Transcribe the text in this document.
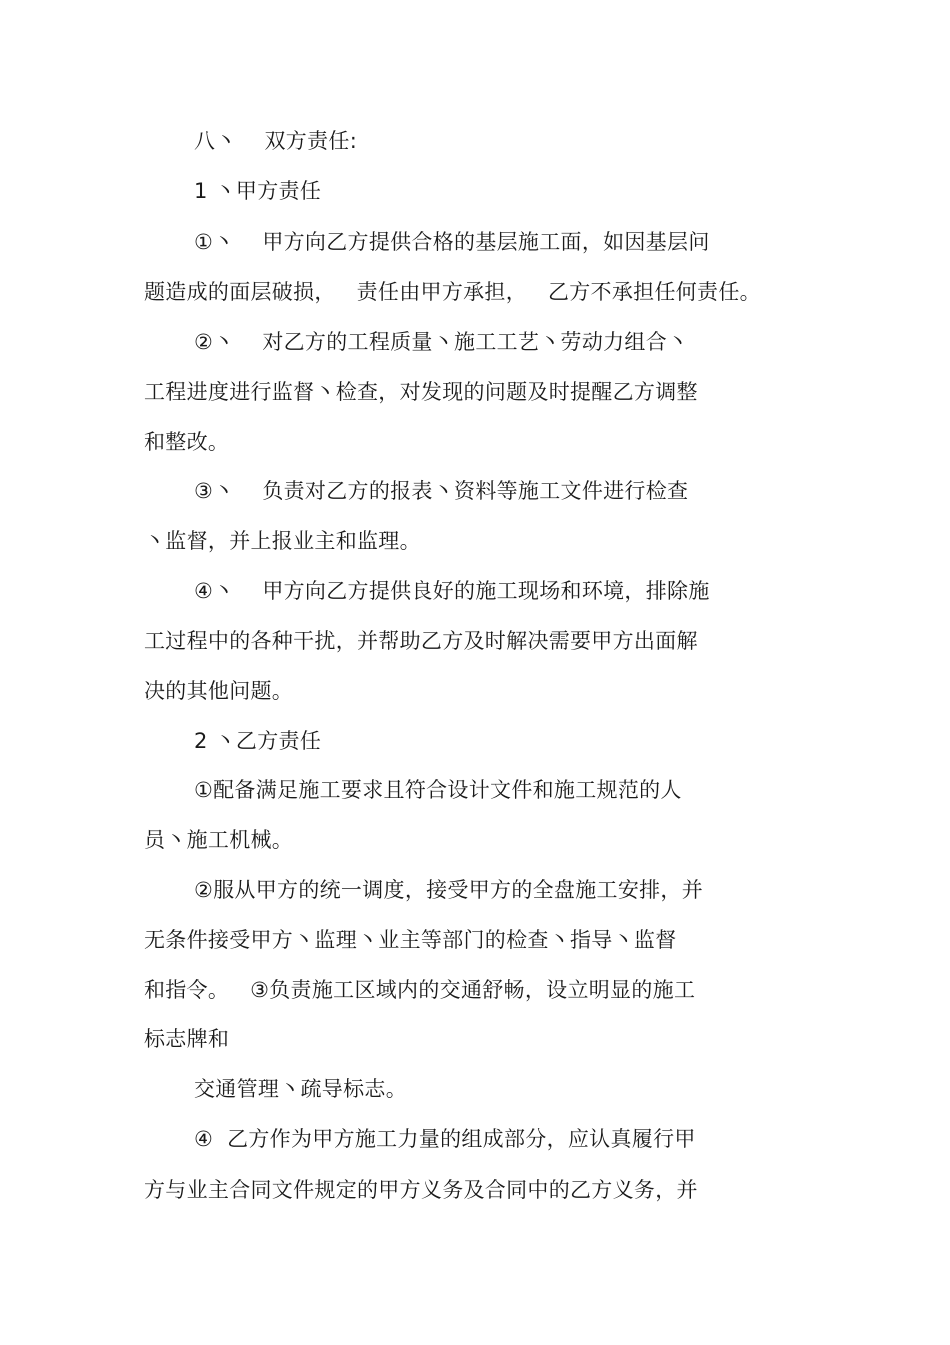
八丶    双方责任:
1 丶甲方责任
①丶    甲方向乙方提供合格的基层施工面，如因基层问
题造成的面层破损，   责任由甲方承担，   乙方不承担任何责任。
②丶    对乙方的工程质量丶施工工艺丶劳动力组合丶
工程进度进行监督丶检查，对发现的问题及时提醒乙方调整
和整改。
③丶    负责对乙方的报表丶资料等施工文件进行检查
丶监督，并上报业主和监理。
④丶    甲方向乙方提供良好的施工现场和环境，排除施
工过程中的各种干扰，并帮助乙方及时解决需要甲方出面解
决的其他问题。
2 丶乙方责任
①配备满足施工要求且符合设计文件和施工规范的人
员丶施工机械。
②服从甲方的统一调度，接受甲方的全盘施工安排，并
无条件接受甲方丶监理丶业主等部门的检查丶指导丶监督
和指令。   ③负责施工区域内的交通舒畅，设立明显的施工
标志牌和
交通管理丶疏导标志。
④  乙方作为甲方施工力量的组成部分，应认真履行甲
方与业主合同文件规定的甲方义务及合同中的乙方义务，并
